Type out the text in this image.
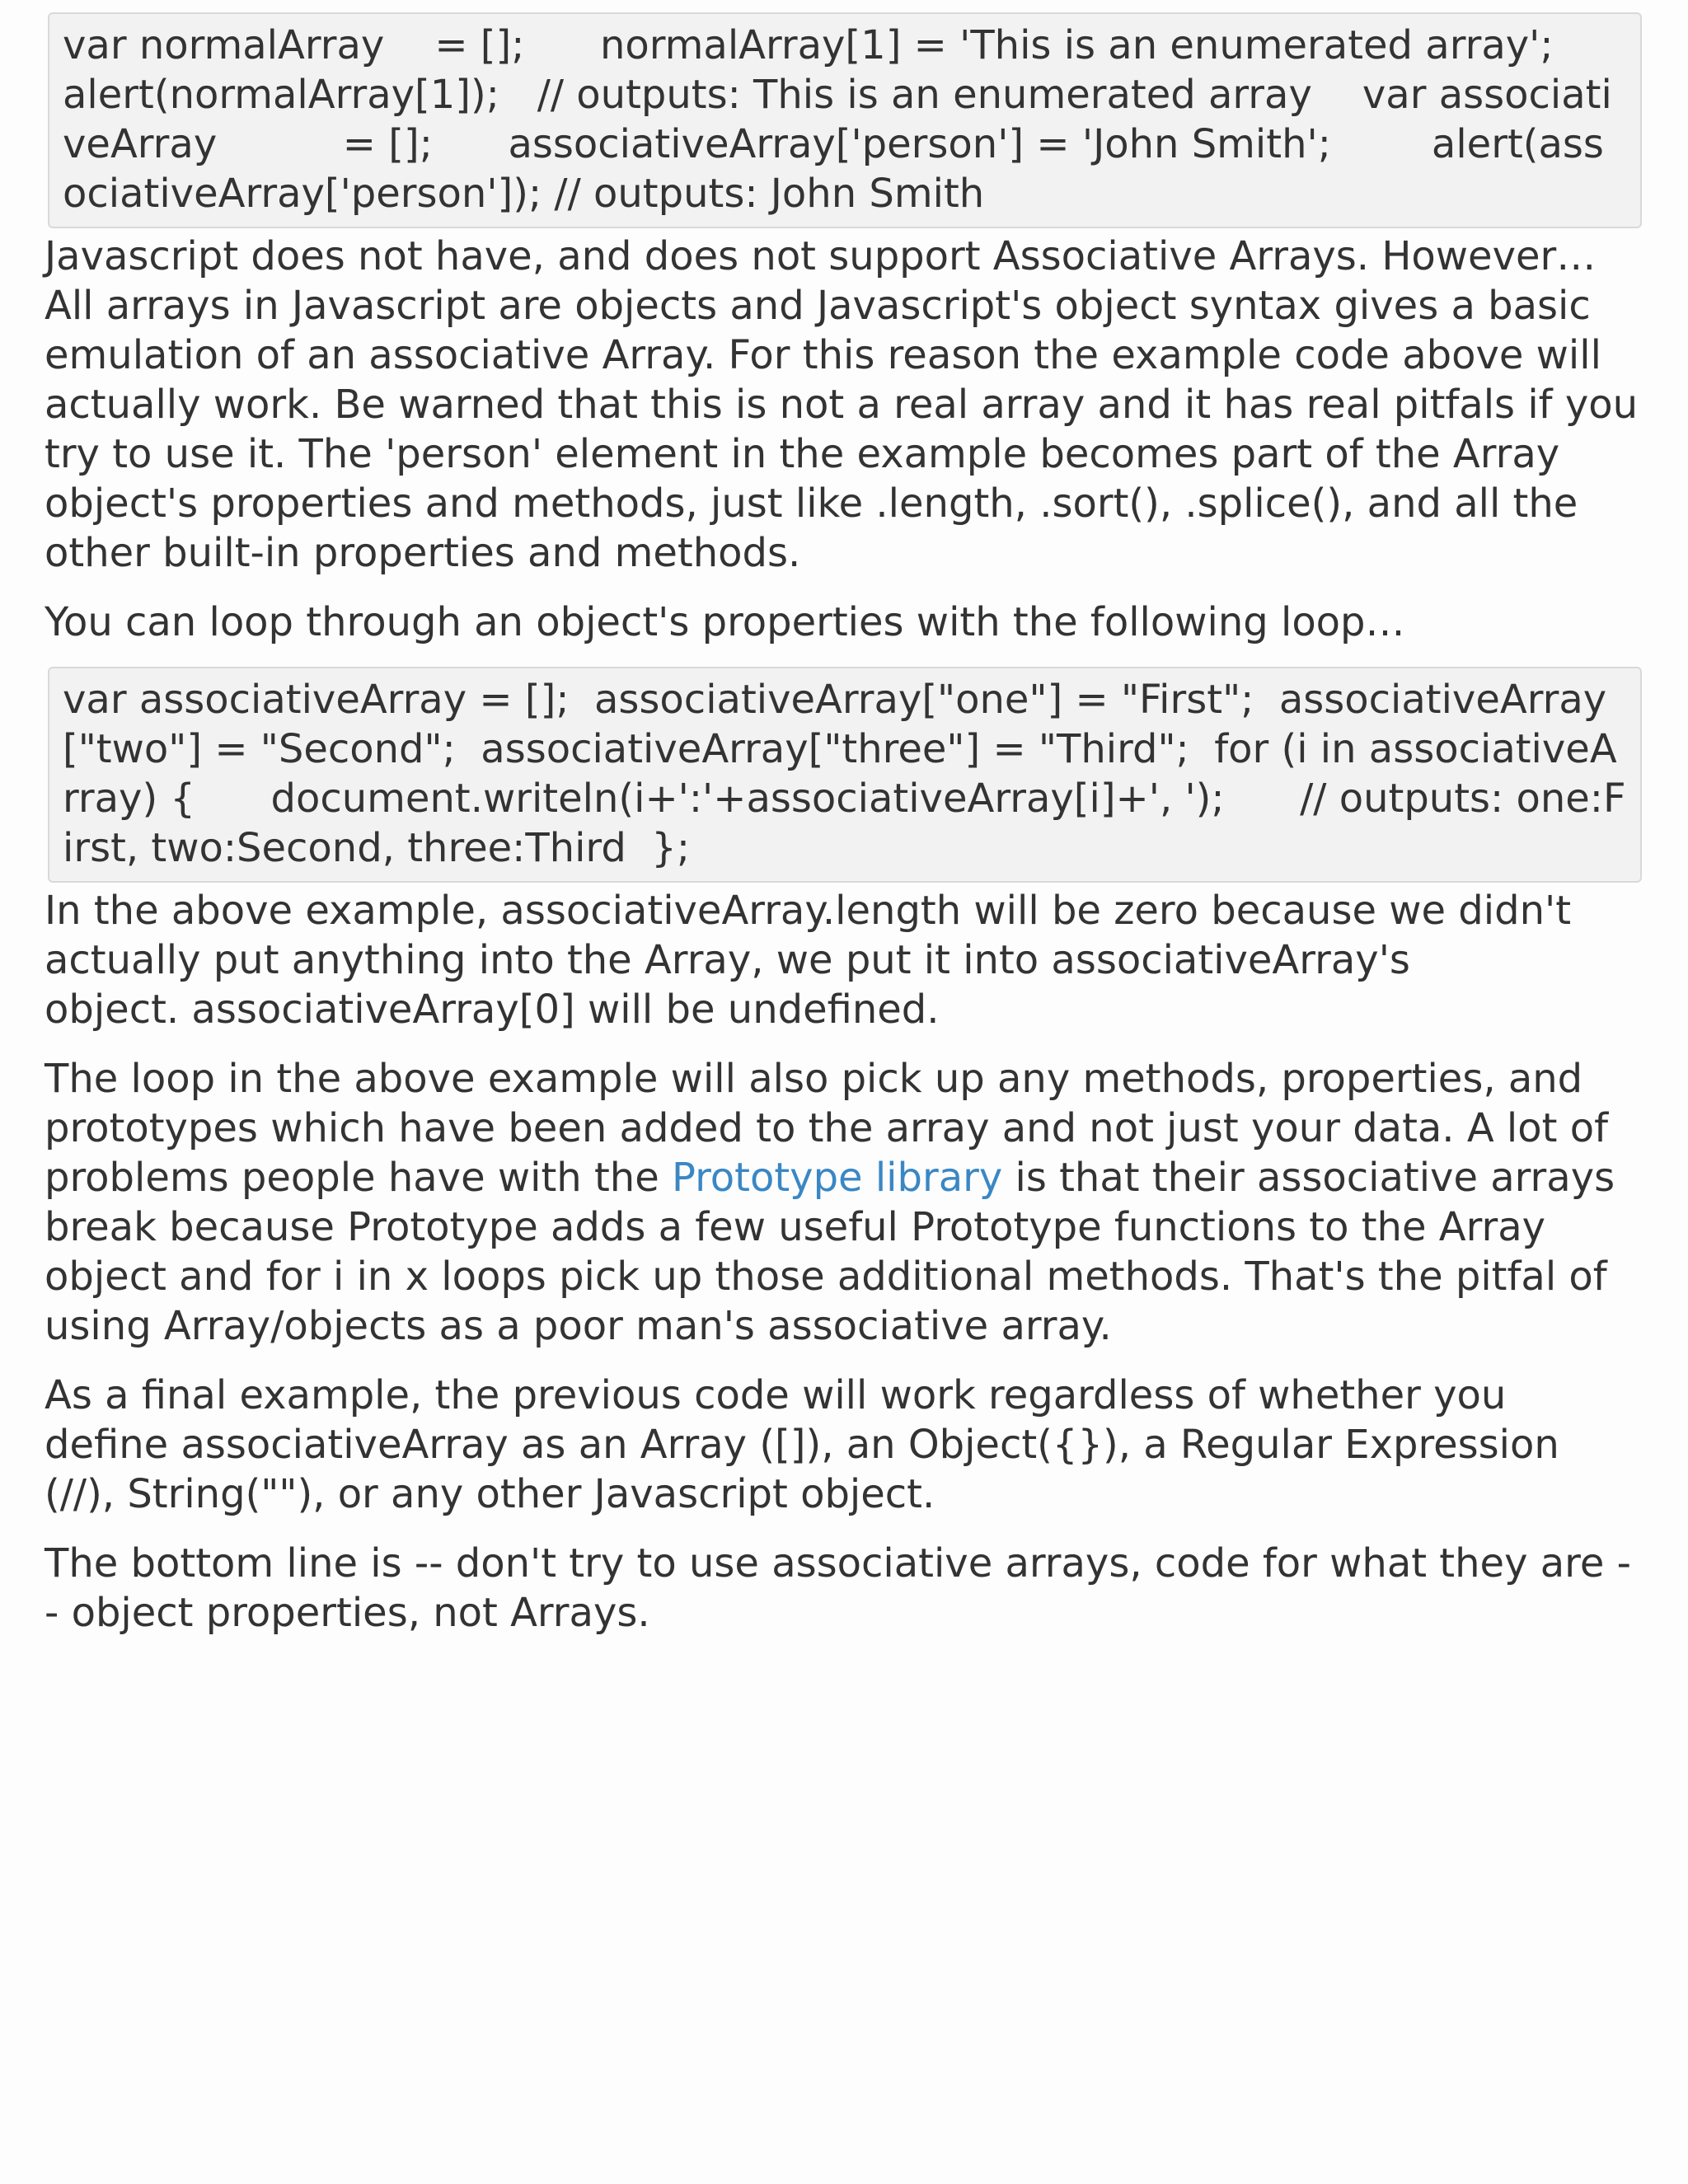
var normalArray    = [];      normalArray[1] = 'This is an enumerated array';       alert(normalArray[1]);   // outputs: This is an enumerated array    var associativeArray          = [];      associativeArray['person'] = 'John Smith';        alert(associativeArray['person']); // outputs: John Smith

Javascript does not have, and does not support Associative Arrays. However… All arrays in Javascript are objects and Javascript's object syntax gives a basic emulation of an associative Array. For this reason the example code above will actually work. Be warned that this is not a real array and it has real pitfals if you try to use it. The 'person' element in the example becomes part of the Array object's properties and methods, just like .length, .sort(), .splice(), and all the other built-in properties and methods.

You can loop through an object's properties with the following loop…

var associativeArray = [];  associativeArray["one"] = "First";  associativeArray["two"] = "Second";  associativeArray["three"] = "Third";  for (i in associativeArray) {      document.writeln(i+':'+associativeArray[i]+', ');      // outputs: one:First, two:Second, three:Third  };

In the above example, associativeArray.length will be zero because we didn't actually put anything into the Array, we put it into associativeArray's
object. associativeArray[0] will be undefined.

The loop in the above example will also pick up any methods, properties, and prototypes which have been added to the array and not just your data. A lot of problems people have with the Prototype library is that their associative arrays break because Prototype adds a few useful Prototype functions to the Array object and for i in x loops pick up those additional methods. That's the pitfal of using Array/objects as a poor man's associative array.

As a final example, the previous code will work regardless of whether you define associativeArray as an Array ([]), an Object({}), a Regular Expression (//), String(""), or any other Javascript object.

The bottom line is -- don't try to use associative arrays, code for what they are -- object properties, not Arrays.
